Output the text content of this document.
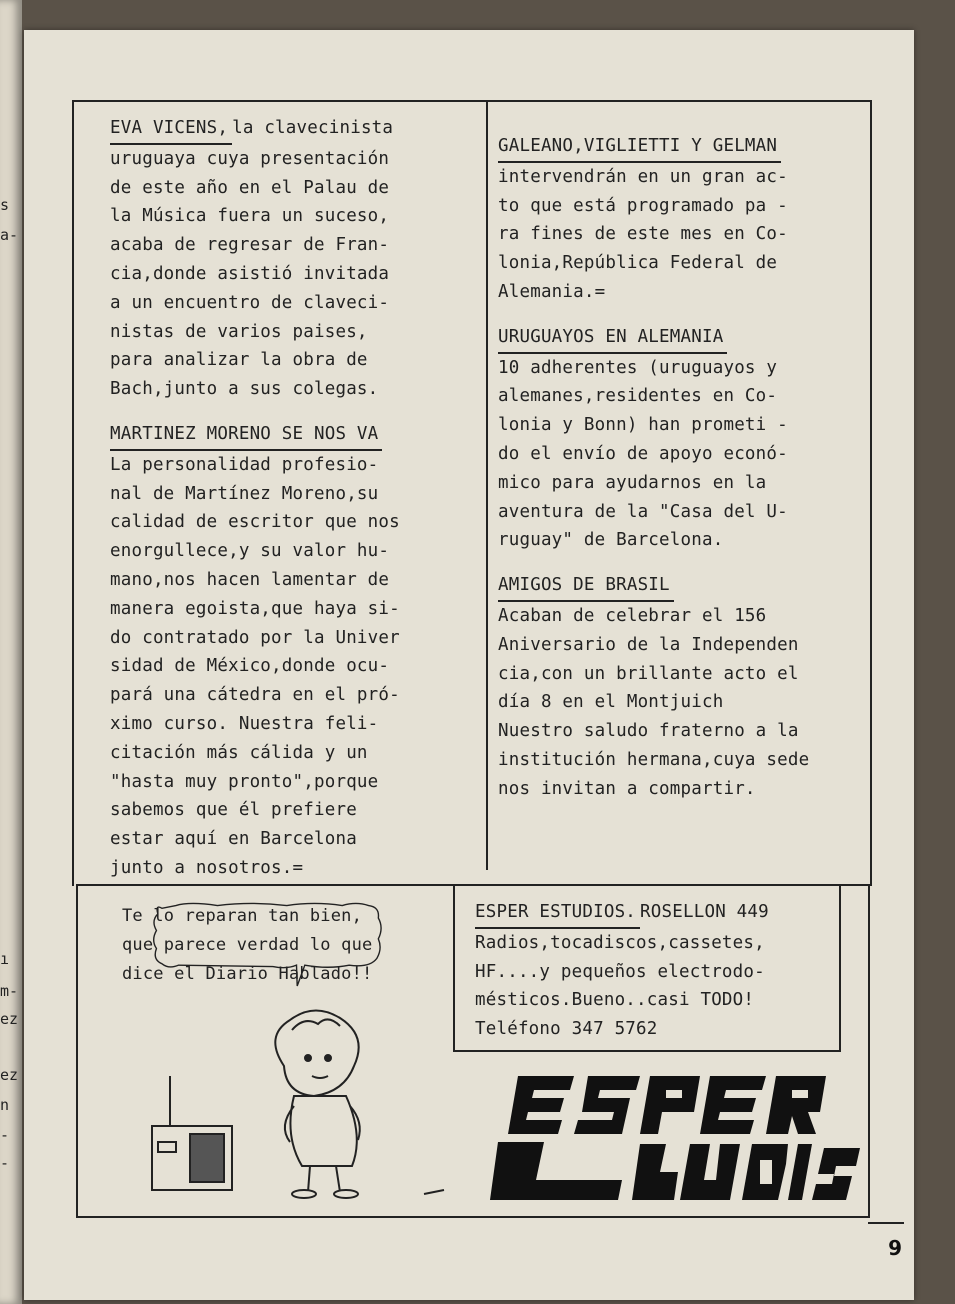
s
a-
ı
m-
ez
ez
n
-
-
EVA VICENS, la clavecinista

uruguaya cuya presentación
de este año en el Palau de
la Música fuera un suceso,
acaba de regresar de Fran-
cia,donde asistió invitada
a un encuentro de claveci-
nistas de varios paises,
para analizar la obra de
Bach,junto a sus colegas.

MARTINEZ MORENO SE NOS VA

La personalidad profesio-
nal de Martínez Moreno,su
calidad de escritor que nos
enorgullece,y su valor hu-
mano,nos hacen lamentar de
manera egoista,que haya si-
do contratado por la Univer
sidad de México,donde ocu-
pará una cátedra en el pró-
ximo curso. Nuestra feli-
citación más cálida y un
"hasta muy pronto",porque
sabemos que él prefiere
estar aquí en Barcelona
junto a nosotros.=

GALEANO,VIGLIETTI Y GELMAN

intervendrán en un gran ac-
to que está programado pa -
ra fines de este mes en Co-
lonia,República Federal de
Alemania.=

URUGUAYOS EN ALEMANIA

10 adherentes (uruguayos y
alemanes,residentes en Co-
lonia y Bonn) han prometi -
do el envío de apoyo econó-
mico para ayudarnos en la
aventura de la "Casa del U-
ruguay" de Barcelona.

AMIGOS DE BRASIL

Acaban de celebrar el 156
Aniversario de la Independen
cia,con un brillante acto el
día 8 en el Montjuich
Nuestro saludo fraterno a la
institución hermana,cuya sede
nos invitan a compartir.

Te lo reparan tan bien,
que parece verdad lo que
dice el Diario Hablado!!
ESPER ESTUDIOS. ROSELLON 449

Radios,tocadiscos,cassetes,
HF....y pequeños electrodo-
mésticos.Bueno..casi TODO!
Teléfono 347 5762

9
